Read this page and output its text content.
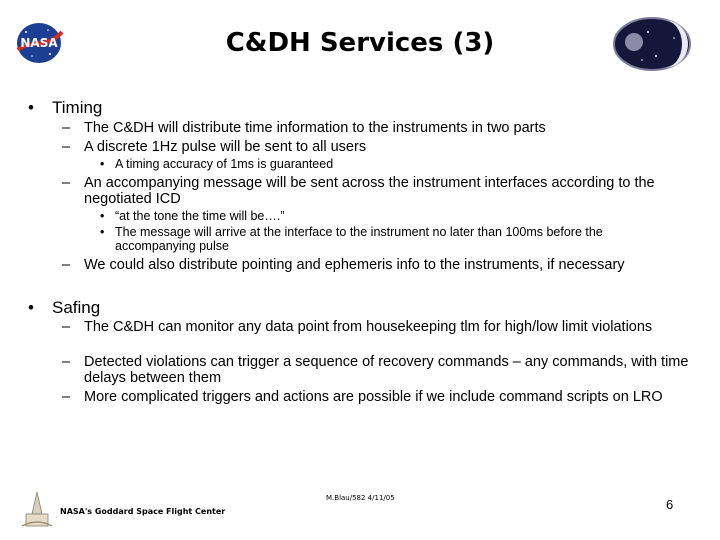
NASA	C&DH Services (3)
• Timing
– The C&DH will distribute time information to the instruments in two parts
– A discrete 1Hz pulse will be sent to all users
• A timing accuracy of 1ms is guaranteed
– An accompanying message will be sent across the instrument interfaces according to the negotiated ICD
• “at the tone the time will be….”
• The message will arrive at the interface to the instrument no later than 100ms before the accompanying pulse
– We could also distribute pointing and ephemeris info to the instruments, if necessary
• Safing
– The C&DH can monitor any data point from housekeeping tlm for high/low limit violations
– Detected violations can trigger a sequence of recovery commands – any commands, with time delays between them
– More complicated triggers and actions are possible if we include command scripts on LRO
NASA's Goddard Space Flight Center
M.Blau/582 4/11/05	6
